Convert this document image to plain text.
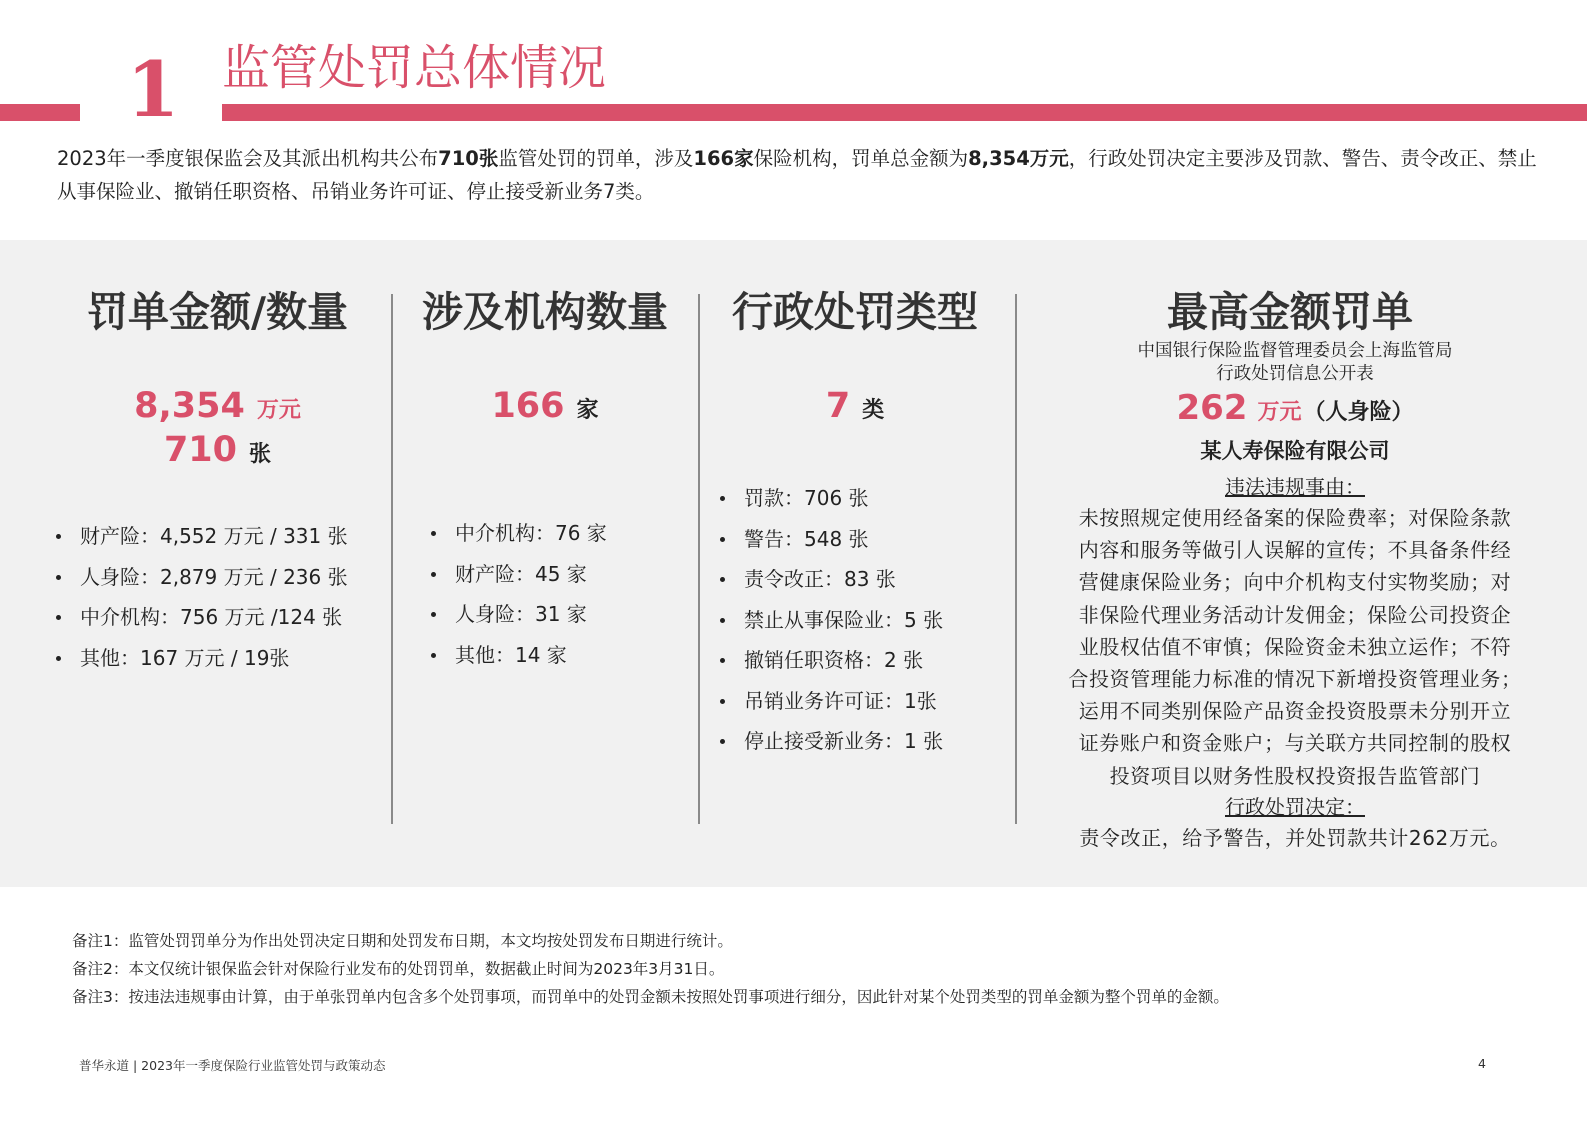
1 监管处罚总体情况
2023年一季度银保监会及其派出机构共公布710张监管处罚的罚单，涉及166家保险机构，罚单总金额为8,354万元，行政处罚决定主要涉及罚款、警告、责令改正、禁止从事保险业、撤销任职资格、吊销业务许可证、停止接受新业务7类。
罚单金额/数量
8,354 万元
710 张
财产险：4,552 万元 / 331 张
人身险：2,879 万元 / 236 张
中介机构：756 万元 /124 张
其他：167 万元 / 19张
涉及机构数量
166 家
中介机构：76 家
财产险：45 家
人身险：31 家
其他：14 家
行政处罚类型
7 类
罚款：706 张
警告：548 张
责令改正：83 张
禁止从事保险业：5 张
撤销任职资格：2 张
吊销业务许可证：1张
停止接受新业务：1 张
最高金额罚单
中国银行保险监督管理委员会上海监管局
行政处罚信息公开表
262 万元（人身险）
某人寿保险有限公司
违法违规事由：
未按照规定使用经备案的保险费率；对保险条款
内容和服务等做引人误解的宣传；不具备条件经
营健康保险业务；向中介机构支付实物奖励；对
非保险代理业务活动计发佣金；保险公司投资企
业股权估值不审慎；保险资金未独立运作；不符
合投资管理能力标准的情况下新增投资管理业务；
运用不同类别保险产品资金投资股票未分别开立
证券账户和资金账户；与关联方共同控制的股权
投资项目以财务性股权投资报告监管部门
行政处罚决定：
责令改正，给予警告，并处罚款共计262万元。
备注1：监管处罚罚单分为作出处罚决定日期和处罚发布日期，本文均按处罚发布日期进行统计。
备注2：本文仅统计银保监会针对保险行业发布的处罚罚单，数据截止时间为2023年3月31日。
备注3：按违法违规事由计算，由于单张罚单内包含多个处罚事项，而罚单中的处罚金额未按照处罚事项进行细分，因此针对某个处罚类型的罚单金额为整个罚单的金额。
普华永道 | 2023年一季度保险行业监管处罚与政策动态	4
